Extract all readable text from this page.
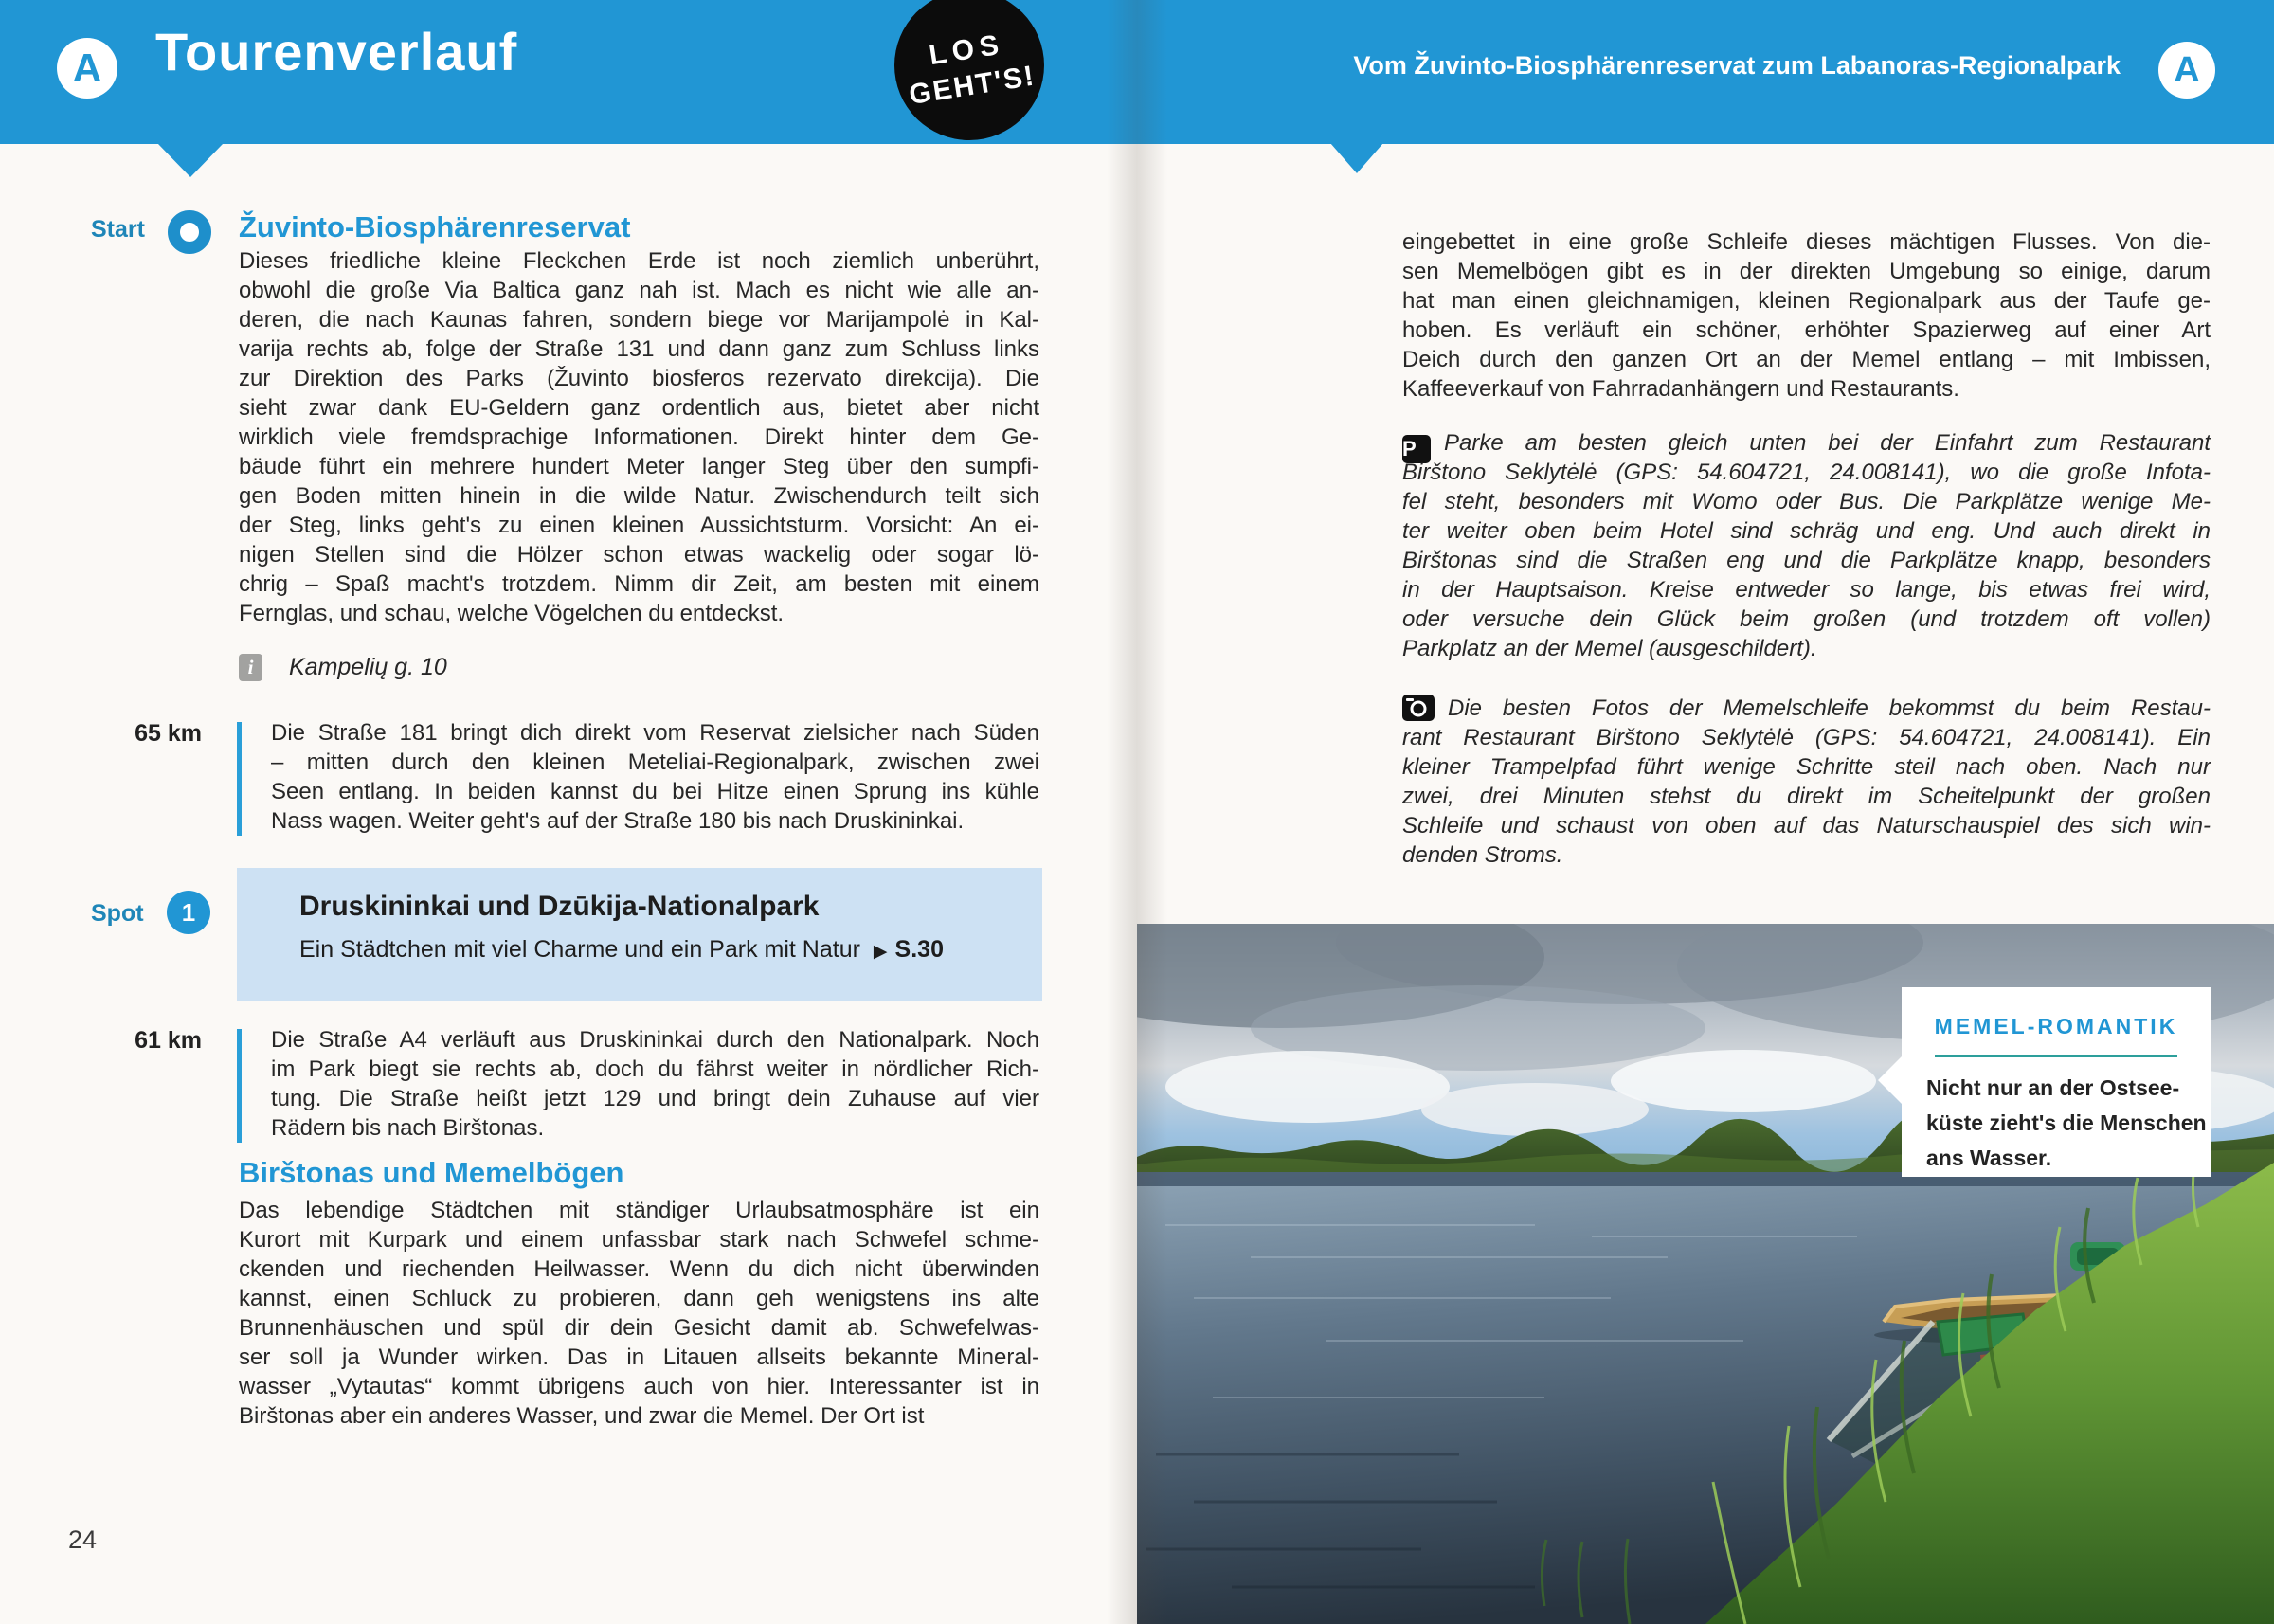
A	Tourenverlauf	Vom Žuvinto-Biosphärenreservat zum Labanoras-Regionalpark	A
LOS
GEHT'S!
Start	Žuvinto-Biosphärenreservat
Dieses friedliche kleine Fleckchen Erde ist noch ziemlich unberührt,
obwohl die große Via Baltica ganz nah ist. Mach es nicht wie alle an-
deren, die nach Kaunas fahren, sondern biege vor Marijampolė in Kal-
varija rechts ab, folge der Straße 131 und dann ganz zum Schluss links
zur Direktion des Parks (Žuvinto biosferos rezervato direkcija). Die
sieht zwar dank EU-Geldern ganz ordentlich aus, bietet aber nicht
wirklich viele fremdsprachige Informationen. Direkt hinter dem Ge-
bäude führt ein mehrere hundert Meter langer Steg über den sumpfi-
gen Boden mitten hinein in die wilde Natur. Zwischendurch teilt sich
der Steg, links geht's zu einen kleinen Aussichtsturm. Vorsicht: An ei-
nigen Stellen sind die Hölzer schon etwas wackelig oder sogar lö-
chrig – Spaß macht's trotzdem. Nimm dir Zeit, am besten mit einem
Fernglas, und schau, welche Vögelchen du entdeckst.
i	Kampelių g. 10
65 km	Die Straße 181 bringt dich direkt vom Reservat zielsicher nach Süden
– mitten durch den kleinen Meteliai-Regionalpark, zwischen zwei
Seen entlang. In beiden kannst du bei Hitze einen Sprung ins kühle
Nass wagen. Weiter geht's auf der Straße 180 bis nach Druskininkai.
Spot	1	Druskininkai und Dzūkija-Nationalpark
Ein Städtchen mit viel Charme und ein Park mit Natur ▶ S.30
61 km	Die Straße A4 verläuft aus Druskininkai durch den Nationalpark. Noch
im Park biegt sie rechts ab, doch du fährst weiter in nördlicher Rich-
tung. Die Straße heißt jetzt 129 und bringt dein Zuhause auf vier
Rädern bis nach Birštonas.
Birštonas und Memelbögen
Das lebendige Städtchen mit ständiger Urlaubsatmosphäre ist ein
Kurort mit Kurpark und einem unfassbar stark nach Schwefel schme-
ckenden und riechenden Heilwasser. Wenn du dich nicht überwinden
kannst, einen Schluck zu probieren, dann geh wenigstens ins alte
Brunnenhäuschen und spül dir dein Gesicht damit ab. Schwefelwas-
ser soll ja Wunder wirken. Das in Litauen allseits bekannte Mineral-
wasser „Vytautas“ kommt übrigens auch von hier. Interessanter ist in
Birštonas aber ein anderes Wasser, und zwar die Memel. Der Ort ist
24
eingebettet in eine große Schleife dieses mächtigen Flusses. Von die-
sen Memelbögen gibt es in der direkten Umgebung so einige, darum
hat man einen gleichnamigen, kleinen Regionalpark aus der Taufe ge-
hoben. Es verläuft ein schöner, erhöhter Spazierweg auf einer Art
Deich durch den ganzen Ort an der Memel entlang – mit Imbissen,
Kaffeeverkauf von Fahrradanhängern und Restaurants.
P Parke am besten gleich unten bei der Einfahrt zum Restaurant
Birštono Seklytėlė (GPS: 54.604721, 24.008141), wo die große Infota-
fel steht, besonders mit Womo oder Bus. Die Parkplätze wenige Me-
ter weiter oben beim Hotel sind schräg und eng. Und auch direkt in
Birštonas sind die Straßen eng und die Parkplätze knapp, besonders
in der Hauptsaison. Kreise entweder so lange, bis etwas frei wird,
oder versuche dein Glück beim großen (und trotzdem oft vollen)
Parkplatz an der Memel (ausgeschildert).
Die besten Fotos der Memelschleife bekommst du beim Restau-
rant Restaurant Birštono Seklytėlė (GPS: 54.604721, 24.008141). Ein
kleiner Trampelpfad führt wenige Schritte steil nach oben. Nach nur
zwei, drei Minuten stehst du direkt im Scheitelpunkt der großen
Schleife und schaust von oben auf das Naturschauspiel des sich win-
denden Stroms.
MEMEL-ROMANTIK
Nicht nur an der Ostsee-
küste zieht's die Menschen
ans Wasser.
